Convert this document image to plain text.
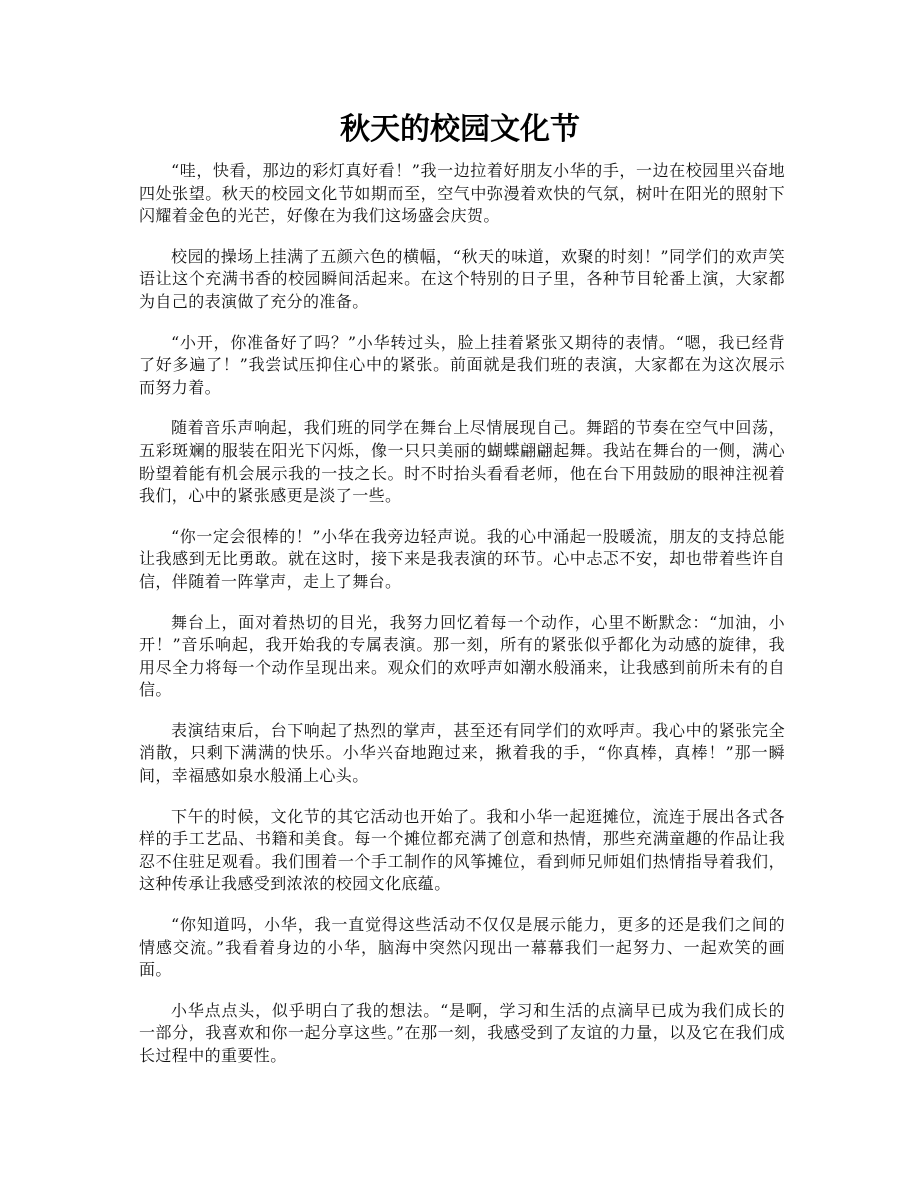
秋天的校园文化节

“哇，快看，那边的彩灯真好看！”我一边拉着好朋友小华的手，一边在校园里兴奋地四处张望。秋天的校园文化节如期而至，空气中弥漫着欢快的气氛，树叶在阳光的照射下闪耀着金色的光芒，好像在为我们这场盛会庆贺。

校园的操场上挂满了五颜六色的横幅，“秋天的味道，欢聚的时刻！”同学们的欢声笑语让这个充满书香的校园瞬间活起来。在这个特别的日子里，各种节目轮番上演，大家都为自己的表演做了充分的准备。

“小开，你准备好了吗？”小华转过头，脸上挂着紧张又期待的表情。“嗯，我已经背了好多遍了！”我尝试压抑住心中的紧张。前面就是我们班的表演，大家都在为这次展示而努力着。

随着音乐声响起，我们班的同学在舞台上尽情展现自己。舞蹈的节奏在空气中回荡，五彩斑斓的服装在阳光下闪烁，像一只只美丽的蝴蝶翩翩起舞。我站在舞台的一侧，满心盼望着能有机会展示我的一技之长。时不时抬头看看老师，他在台下用鼓励的眼神注视着我们，心中的紧张感更是淡了一些。

“你一定会很棒的！”小华在我旁边轻声说。我的心中涌起一股暖流，朋友的支持总能让我感到无比勇敢。就在这时，接下来是我表演的环节。心中忐忑不安，却也带着些许自信，伴随着一阵掌声，走上了舞台。

舞台上，面对着热切的目光，我努力回忆着每一个动作，心里不断默念：“加油，小开！”音乐响起，我开始我的专属表演。那一刻，所有的紧张似乎都化为动感的旋律，我用尽全力将每一个动作呈现出来。观众们的欢呼声如潮水般涌来，让我感到前所未有的自信。

表演结束后，台下响起了热烈的掌声，甚至还有同学们的欢呼声。我心中的紧张完全消散，只剩下满满的快乐。小华兴奋地跑过来，揪着我的手，“你真棒，真棒！”那一瞬间，幸福感如泉水般涌上心头。

下午的时候，文化节的其它活动也开始了。我和小华一起逛摊位，流连于展出各式各样的手工艺品、书籍和美食。每一个摊位都充满了创意和热情，那些充满童趣的作品让我忍不住驻足观看。我们围着一个手工制作的风筝摊位，看到师兄师姐们热情指导着我们，这种传承让我感受到浓浓的校园文化底蕴。

“你知道吗，小华，我一直觉得这些活动不仅仅是展示能力，更多的还是我们之间的情感交流。”我看着身边的小华，脑海中突然闪现出一幕幕我们一起努力、一起欢笑的画面。

小华点点头，似乎明白了我的想法。“是啊，学习和生活的点滴早已成为我们成长的一部分，我喜欢和你一起分享这些。”在那一刻，我感受到了友谊的力量，以及它在我们成长过程中的重要性。
